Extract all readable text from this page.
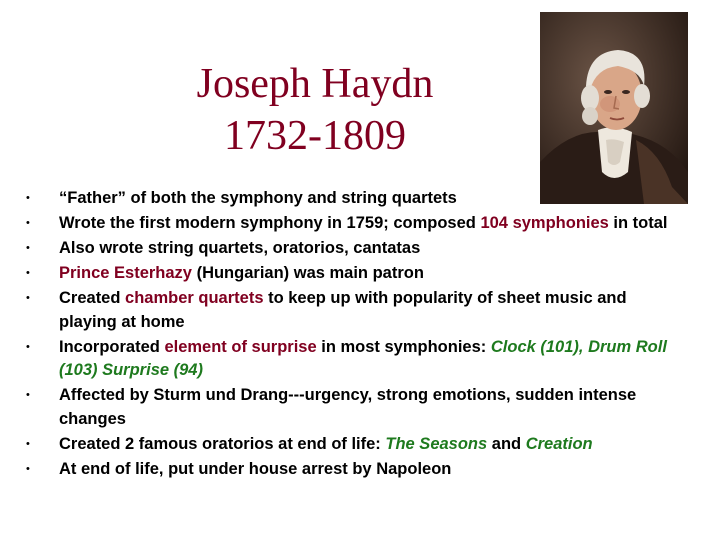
Joseph Haydn
1732-1809
• “Father” of both the symphony and string quartets
• Wrote the first modern symphony in 1759; composed 104 symphonies in total
• Also wrote string quartets, oratorios, cantatas
• Prince Esterhazy (Hungarian) was main patron
• Created chamber quartets to keep up with popularity of sheet music and playing at home
• Incorporated element of surprise in most symphonies: Clock (101), Drum Roll (103) Surprise (94)
• Affected by Sturm und Drang---urgency, strong emotions, sudden intense changes
• Created 2 famous oratorios at end of life: The Seasons and Creation
• At end of life, put under house arrest by Napoleon
